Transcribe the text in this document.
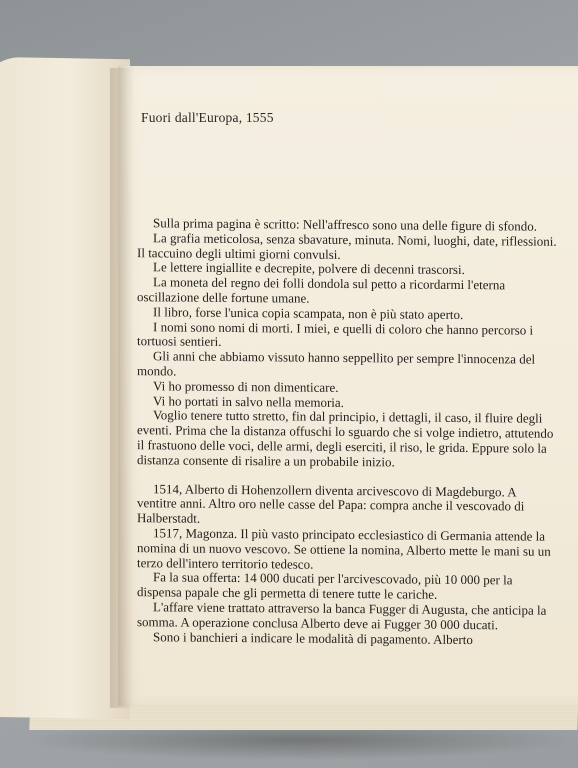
Fuori dall'Europa, 1555

Sulla prima pagina è scritto: Nell'affresco sono una delle figure di sfondo.

La grafia meticolosa, senza sbavature, minuta. Nomi, luoghi, date, riflessioni. Il taccuino degli ultimi giorni convulsi.

Le lettere ingiallite e decrepite, polvere di decenni trascorsi.

La moneta del regno dei folli dondola sul petto a ricordarmi l'eterna oscillazione delle fortune umane.

Il libro, forse l'unica copia scampata, non è più stato aperto.

I nomi sono nomi di morti. I miei, e quelli di coloro che hanno percorso i tortuosi sentieri.

Gli anni che abbiamo vissuto hanno seppellito per sempre l'innocenza del mondo.

Vi ho promesso di non dimenticare.

Vi ho portati in salvo nella memoria.

Voglio tenere tutto stretto, fin dal principio, i dettagli, il caso, il fluire degli eventi. Prima che la distanza offuschi lo sguardo che si volge indietro, attutendo il frastuono delle voci, delle armi, degli eserciti, il riso, le grida. Eppure solo la distanza consente di risalire a un probabile inizio.

1514, Alberto di Hohenzollern diventa arcivescovo di Magdeburgo. A ventitre anni. Altro oro nelle casse del Papa: compra anche il vescovado di Halberstadt.

1517, Magonza. Il più vasto principato ecclesiastico di Germania attende la nomina di un nuovo vescovo. Se ottiene la nomina, Alberto mette le mani su un terzo dell'intero territorio tedesco.

Fa la sua offerta: 14 000 ducati per l'arcivescovado, più 10 000 per la dispensa papale che gli permetta di tenere tutte le cariche.

L'affare viene trattato attraverso la banca Fugger di Augusta, che anticipa la somma. A operazione conclusa Alberto deve ai Fugger 30 000 ducati.

Sono i banchieri a indicare le modalità di pagamento. Alberto
